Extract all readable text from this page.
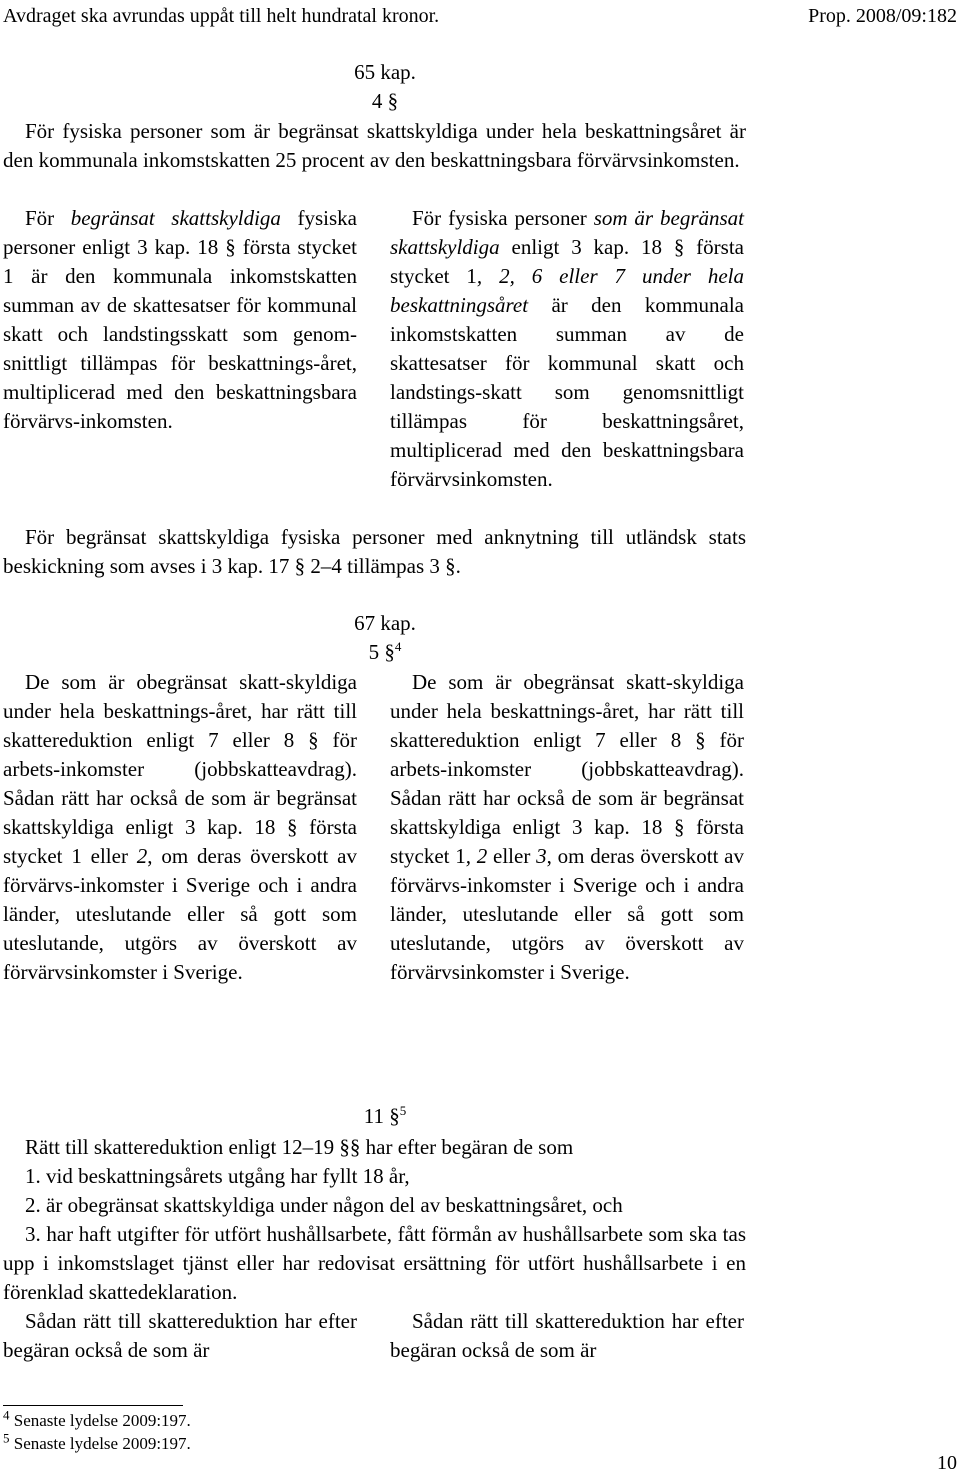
Avdraget ska avrundas uppåt till helt hundratal kronor.	Prop. 2008/09:182
65 kap.
4 §

För fysiska personer som är begränsat skattskyldiga under hela beskattningsåret är den kommunala inkomstskatten 25 procent av den beskattningsbara förvärvsinkomsten.

För begränsat skattskyldiga fysiska personer enligt 3 kap. 18 § första stycket 1 är den kommunala inkomstskatten summan av de skattesatser för kommunal skatt och landstingsskatt som genom-snittligt tillämpas för beskattnings-året, multiplicerad med den beskattningsbara förvärvs-inkomsten.

För fysiska personer som är begränsat skattskyldiga enligt 3 kap. 18 § första stycket 1, 2, 6 eller 7 under hela beskattningsåret är den kommunala inkomstskatten summan av de skattesatser för kommunal skatt och landstings-skatt som genomsnittligt tillämpas för beskattningsåret, multiplicerad med den beskattningsbara förvärvsinkomsten.

För begränsat skattskyldiga fysiska personer med anknytning till utländsk stats beskickning som avses i 3 kap. 17 § 2–4 tillämpas 3 §.

67 kap.
5 §$^4$

De som är obegränsat skatt-skyldiga under hela beskattnings-året, har rätt till skattereduktion enligt 7 eller 8 § för arbets-inkomster (jobbskatteavdrag). Sådan rätt har också de som är begränsat skattskyldiga enligt 3 kap. 18 § första stycket 1 eller 2, om deras överskott av förvärvs-inkomster i Sverige och i andra länder, uteslutande eller så gott som uteslutande, utgörs av överskott av förvärvsinkomster i Sverige.

De som är obegränsat skatt-skyldiga under hela beskattnings-året, har rätt till skattereduktion enligt 7 eller 8 § för arbets-inkomster (jobbskatteavdrag). Sådan rätt har också de som är begränsat skattskyldiga enligt 3 kap. 18 § första stycket 1, 2 eller 3, om deras överskott av förvärvs-inkomster i Sverige och i andra länder, uteslutande eller så gott som uteslutande, utgörs av överskott av förvärvsinkomster i Sverige.

11 §$^5$

Rätt till skattereduktion enligt 12–19 §§ har efter begäran de som

1. vid beskattningsårets utgång har fyllt 18 år,

2. är obegränsat skattskyldiga under någon del av beskattningsåret, och

3. har haft utgifter för utfört hushållsarbete, fått förmån av hushållsarbete som ska tas upp i inkomstslaget tjänst eller har redovisat ersättning för utfört hushållsarbete i en förenklad skattedeklaration.

Sådan rätt till skattereduktion har efter begäran också de som är

Sådan rätt till skattereduktion har efter begäran också de som är

$^4$ Senaste lydelse 2009:197.
$^5$ Senaste lydelse 2009:197.
10
